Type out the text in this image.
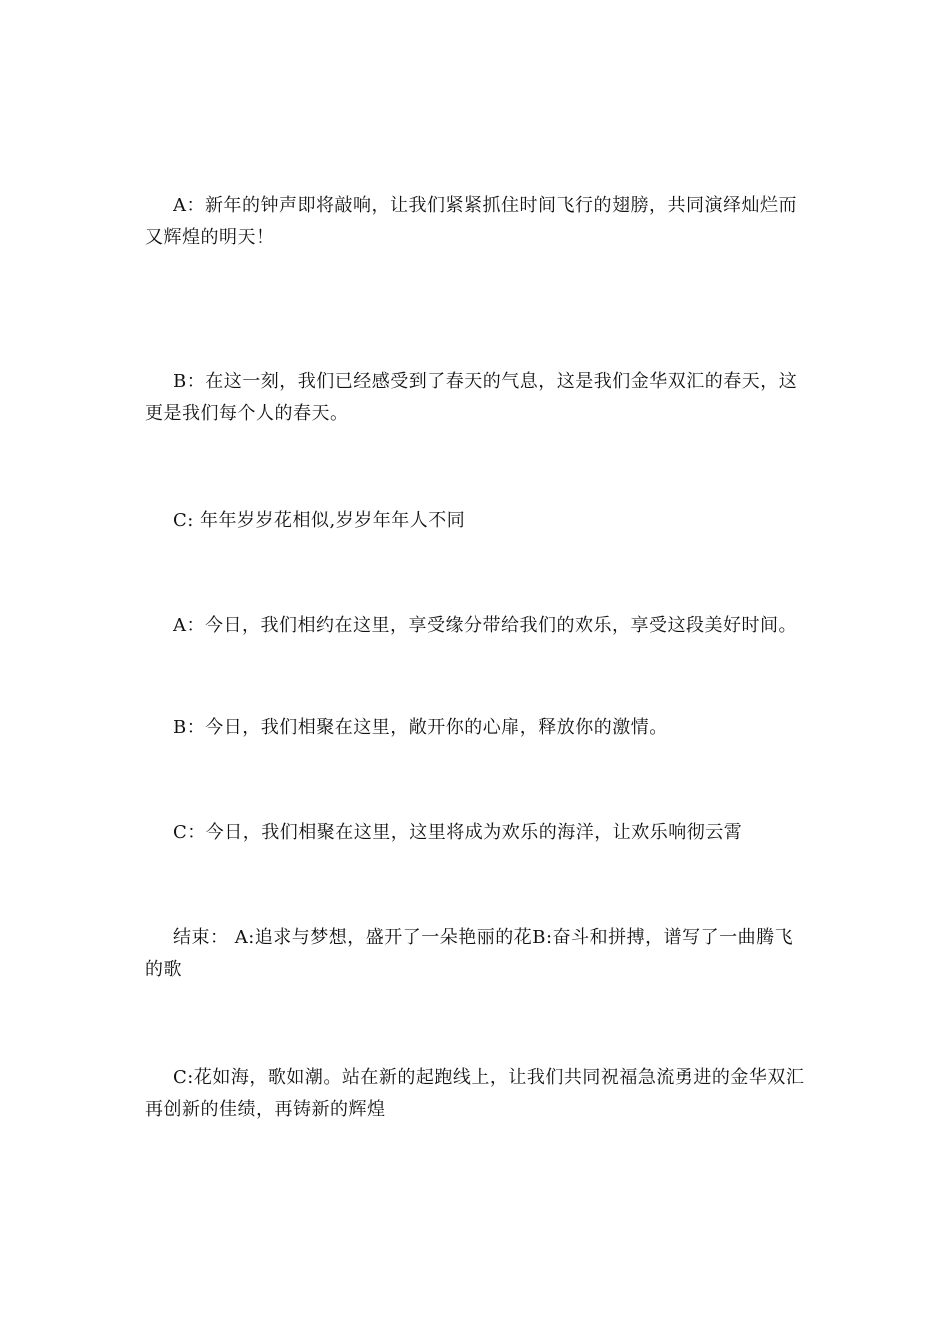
A：新年的钟声即将敲响，让我们紧紧抓住时间飞行的翅膀，共同演绎灿烂而又辉煌的明天！

B：在这一刻，我们已经感受到了春天的气息，这是我们金华双汇的春天，这更是我们每个人的春天。

C: 年年岁岁花相似,岁岁年年人不同

A：今日，我们相约在这里，享受缘分带给我们的欢乐，享受这段美好时间。

B：今日，我们相聚在这里，敞开你的心扉，释放你的激情。

C：今日，我们相聚在这里，这里将成为欢乐的海洋，让欢乐响彻云霄

结束： A:追求与梦想，盛开了一朵艳丽的花B:奋斗和拼搏，谱写了一曲腾飞的歌

C:花如海，歌如潮。站在新的起跑线上，让我们共同祝福急流勇进的金华双汇再创新的佳绩，再铸新的辉煌
